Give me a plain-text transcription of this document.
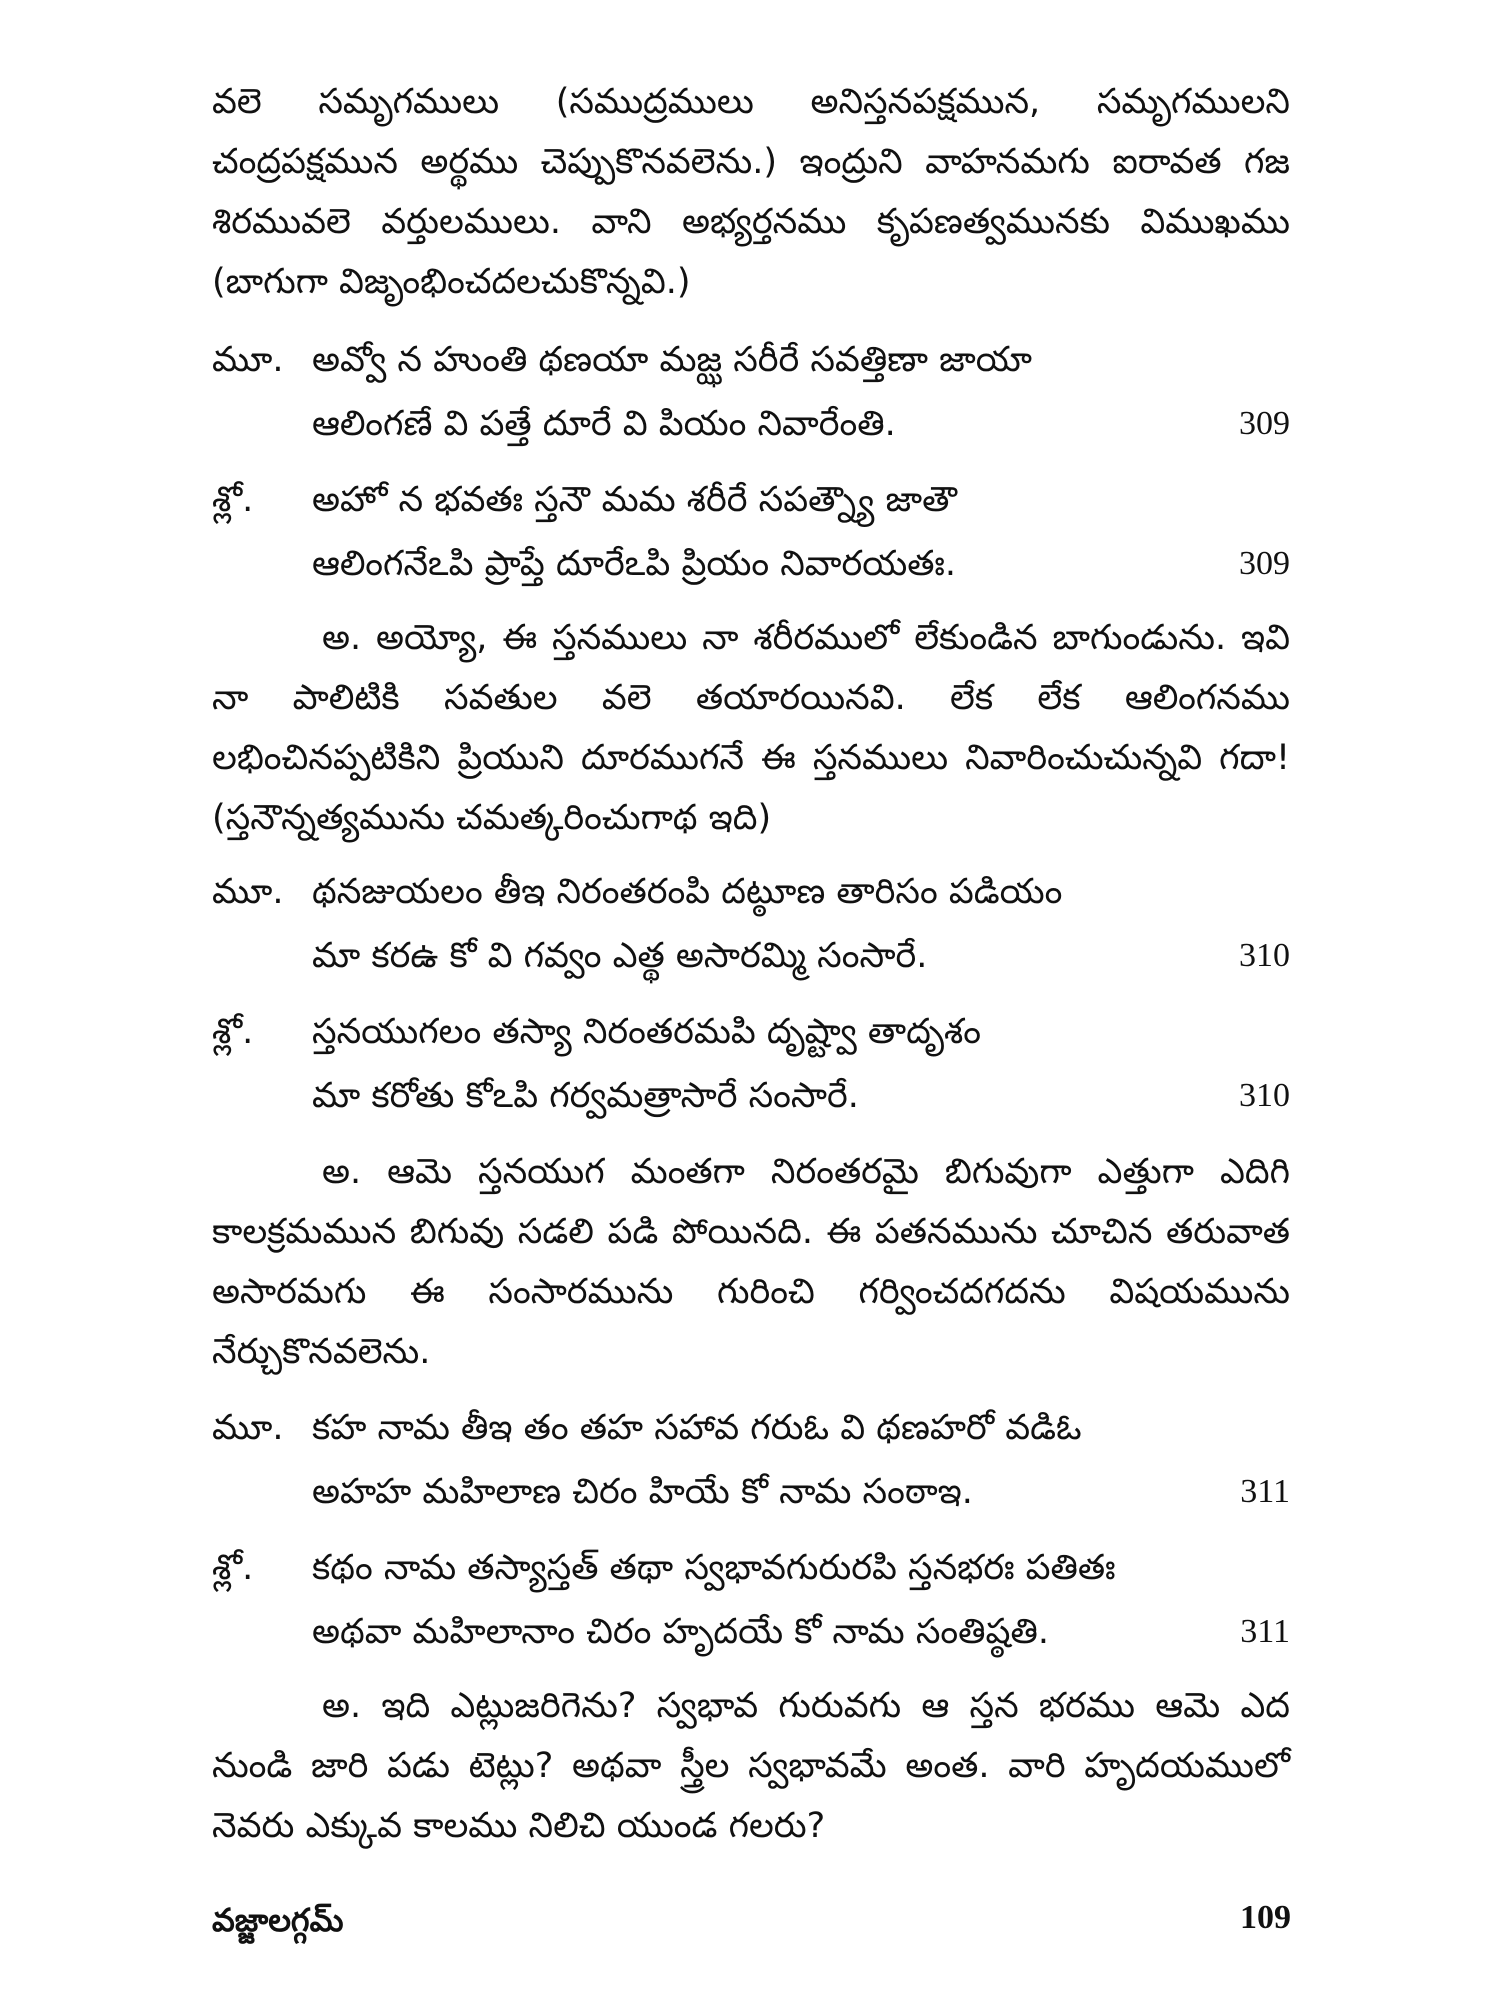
వలె సమృగములు (సముద్రములు అనిస్తనపక్షమున, సమృగములని చంద్రపక్షమున అర్థము చెప్పుకొనవలెను.) ఇంద్రుని వాహనమగు ఐరావత గజ శిరమువలె వర్తులములు. వాని అభ్యర్తనము కృపణత్వమునకు విముఖము (బాగుగా విజృంభించదలచుకొన్నవి.)

మూ. అవ్వో న హుంతి థణయా మజ్ఝ సరీరే సవత్తిణా జాయా
ఆలింగణే వి పత్తే దూరే వి పియం నివారేంతి.	309
శ్లో. అహో న భవతః స్తనౌ మమ శరీరే సపత్న్యౌ జాతౌ
ఆలింగనేఽపి ప్రాప్తే దూరేఽపి ప్రియం నివారయతః.	309

అ. అయ్యో, ఈ స్తనములు నా శరీరములో లేకుండిన బాగుండును. ఇవి నా పాలిటికి సవతుల వలె తయారయినవి. లేక లేక ఆలింగనము లభించినప్పటికిని ప్రియుని దూరముగనే ఈ స్తనములు నివారించుచున్నవి గదా! (స్తనౌన్నత్యమును చమత్కరించుగాథ ఇది)

మూ. థనజుయలం తీఇ నిరంతరంపి దట్ఠూణ తారిసం పడియం
మా కరఉ కో వి గవ్వం ఎత్థ అసారమ్మి సంసారే.	310
శ్లో. స్తనయుగలం తస్యా నిరంతరమపి దృష్ట్వా తాదృశం
మా కరోతు కోఽపి గర్వమత్రాసారే సంసారే.	310

అ. ఆమె స్తనయుగ మంతగా నిరంతరమై బిగువుగా ఎత్తుగా ఎదిగి కాలక్రమమున బిగువు సడలి పడి పోయినది. ఈ పతనమును చూచిన తరువాత అసారమగు ఈ సంసారమును గురించి గర్వించదగదను విషయమును నేర్చుకొనవలెను.

మూ. కహ నామ తీఇ తం తహ సహావ గరుఓ వి థణహరో వడిఓ
అహహ మహిలాణ చిరం హియే కో నామ సంఠాఇ.	311
శ్లో. కథం నామ తస్యాస్తత్ తథా స్వభావగురురపి స్తనభరః పతితః
అథవా మహిలానాం చిరం హృదయే కో నామ సంతిష్ఠతి.	311

అ. ఇది ఎట్లుజరిగెను? స్వభావ గురువగు ఆ స్తన భరము ఆమె ఎద నుండి జారి పడు టెట్లు? అథవా స్త్రీల స్వభావమే అంత. వారి హృదయములో నెవరు ఎక్కువ కాలము నిలిచి యుండ గలరు?

వజ్జాలగ్గమ్	109
